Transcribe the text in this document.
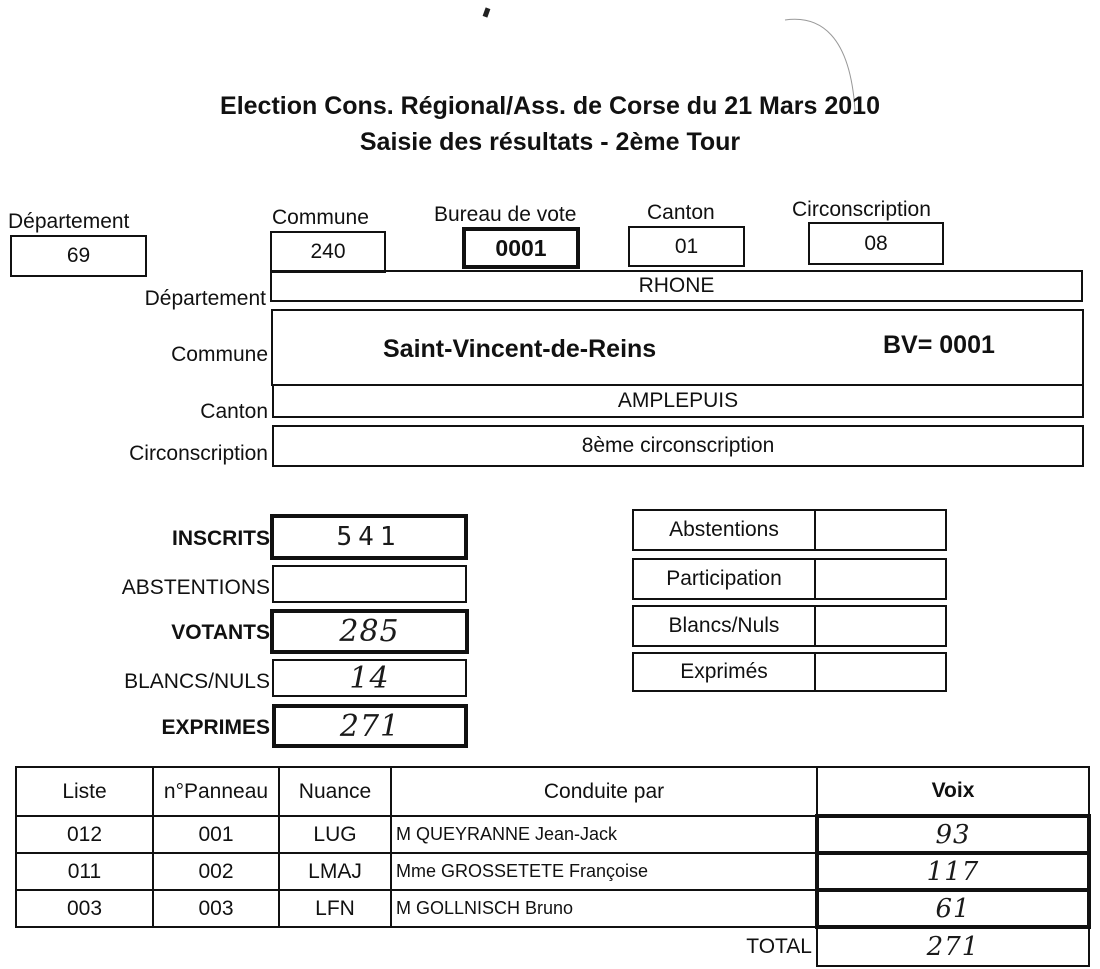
Election Cons. Régional/Ass. de Corse du 21 Mars 2010
Saisie des résultats - 2ème Tour
Département
69
Commune
240
Bureau de vote
0001
Canton
01
Circonscription
08
Département
RHONE
Commune	Saint-Vincent-de-Reins	BV= 0001
Canton	AMPLEPUIS
Circonscription	8ème circonscription
INSCRITS	541
ABSTENTIONS
VOTANTS 285
BLANCS/NULS	14
EXPRIMES 271
Abstentions
Participation
Blancs/Nuls
Exprimés
Liste	n°Panneau	Nuance	Conduite par	Voix
012	001	LUG	M QUEYRANNE Jean-Jack	93
011	002	LMAJ	Mme GROSSETETE Françoise	117
003	003	LFN	M GOLLNISCH Bruno	61
TOTAL				271
